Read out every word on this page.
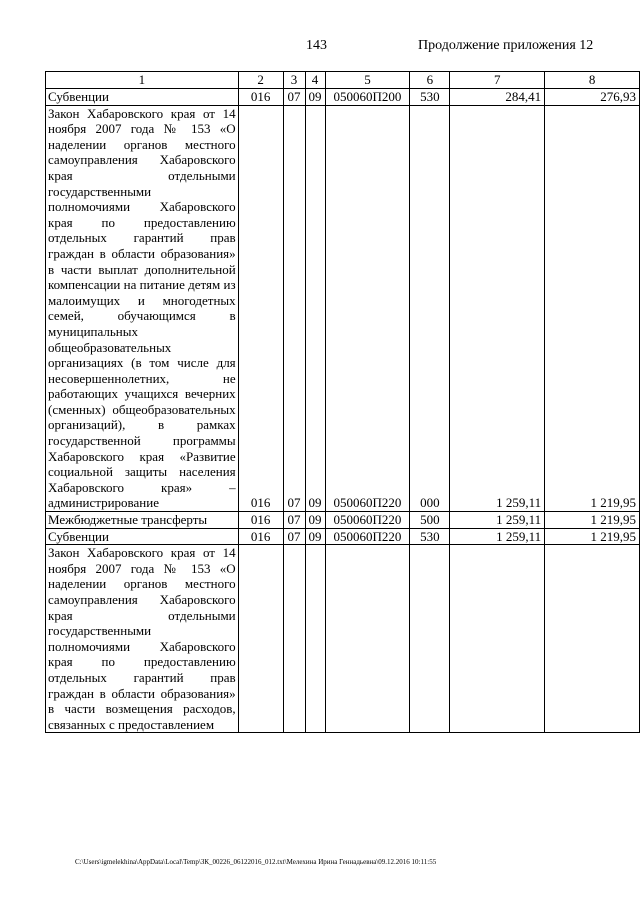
143	Продолжение приложения 12
1	2	3	4	5	6	7	8
Субвенции	016	07	09	050060П200	530	284,41	276,93
Закон Хабаровского края от 14 ноября 2007 года № 153 «О наделении органов местного самоуправления Хабаровского края отдельными государственными полномочиями Хабаровского края по предоставлению отдельных гарантий прав граждан в области образования» в части выплат дополнительной компенсации на питание детям из малоимущих и многодетных семей, обучающимся в муниципальных общеобразовательных организациях (в том числе для несовершеннолетних, не работающих учащихся вечерних (сменных) общеобразовательных организаций), в рамках государственной программы Хабаровского края «Развитие социальной защиты населения Хабаровского края» – администрирование	016	07	09	050060П220	000	1 259,11	1 219,95
Межбюджетные трансферты	016	07	09	050060П220	500	1 259,11	1 219,95
Субвенции	016	07	09	050060П220	530	1 259,11	1 219,95
Закон Хабаровского края от 14 ноября 2007 года № 153 «О наделении органов местного самоуправления Хабаровского края отдельными государственными полномочиями Хабаровского края по предоставлению отдельных гарантий прав граждан в области образования» в части возмещения расходов, связанных с предоставлением							
C:\Users\igmelekhina\AppData\Local\Temp\ЗК_00226_06122016_012.txt\Мелехина Ирина Геннадьевна\09.12.2016 10:11:55
